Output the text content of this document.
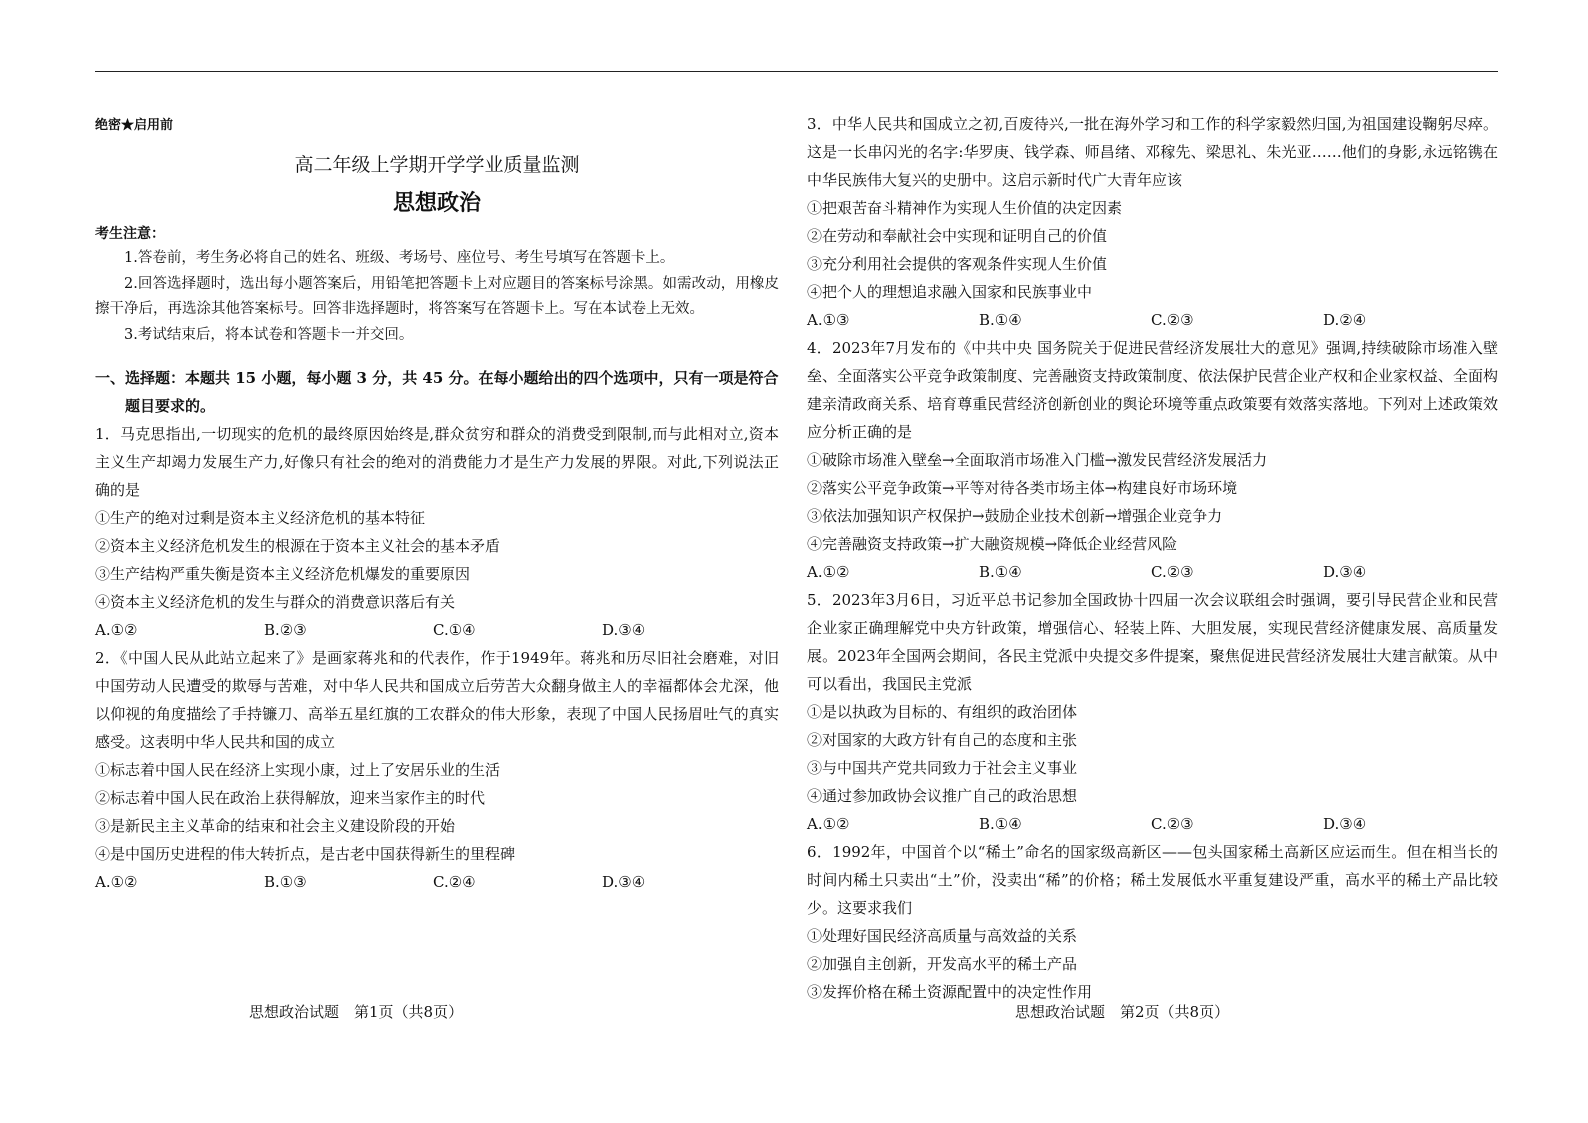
绝密★启用前
高二年级上学期开学学业质量监测
思想政治
考生注意：
1.答卷前，考生务必将自己的姓名、班级、考场号、座位号、考生号填写在答题卡上。
2.回答选择题时，选出每小题答案后，用铅笔把答题卡上对应题目的答案标号涂黑。如需改动，用橡皮擦干净后，再选涂其他答案标号。回答非选择题时，将答案写在答题卡上。写在本试卷上无效。
3.考试结束后，将本试卷和答题卡一并交回。
一、选择题：本题共 15 小题，每小题 3 分，共 45 分。在每小题给出的四个选项中，只有一项是符合题目要求的。
1．马克思指出,一切现实的危机的最终原因始终是,群众贫穷和群众的消费受到限制,而与此相对立,资本主义生产却竭力发展生产力,好像只有社会的绝对的消费能力才是生产力发展的界限。对此,下列说法正确的是
①生产的绝对过剩是资本主义经济危机的基本特征
②资本主义经济危机发生的根源在于资本主义社会的基本矛盾
③生产结构严重失衡是资本主义经济危机爆发的重要原因
④资本主义经济危机的发生与群众的消费意识落后有关
A.①②	B.②③	C.①④	D.③④
2．《中国人民从此站立起来了》是画家蒋兆和的代表作，作于1949年。蒋兆和历尽旧社会磨难，对旧中国劳动人民遭受的欺辱与苦难，对中华人民共和国成立后劳苦大众翻身做主人的幸福都体会尤深，他以仰视的角度描绘了手持镰刀、高举五星红旗的工农群众的伟大形象，表现了中国人民扬眉吐气的真实感受。这表明中华人民共和国的成立
①标志着中国人民在经济上实现小康，过上了安居乐业的生活
②标志着中国人民在政治上获得解放，迎来当家作主的时代
③是新民主主义革命的结束和社会主义建设阶段的开始
④是中国历史进程的伟大转折点，是古老中国获得新生的里程碑
A.①②	B.①③	C.②④	D.③④
3．中华人民共和国成立之初,百废待兴,一批在海外学习和工作的科学家毅然归国,为祖国建设鞠躬尽瘁。这是一长串闪光的名字:华罗庚、钱学森、师昌绪、邓稼先、梁思礼、朱光亚……他们的身影,永远铭镌在中华民族伟大复兴的史册中。这启示新时代广大青年应该
①把艰苦奋斗精神作为实现人生价值的决定因素
②在劳动和奉献社会中实现和证明自己的价值
③充分利用社会提供的客观条件实现人生价值
④把个人的理想追求融入国家和民族事业中
A.①③	B.①④	C.②③	D.②④
4．2023年7月发布的《中共中央 国务院关于促进民营经济发展壮大的意见》强调,持续破除市场准入壁垒、全面落实公平竞争政策制度、完善融资支持政策制度、依法保护民营企业产权和企业家权益、全面构建亲清政商关系、培育尊重民营经济创新创业的舆论环境等重点政策要有效落实落地。下列对上述政策效应分析正确的是
①破除市场准入壁垒→全面取消市场准入门槛→激发民营经济发展活力
②落实公平竞争政策→平等对待各类市场主体→构建良好市场环境
③依法加强知识产权保护→鼓励企业技术创新→增强企业竞争力
④完善融资支持政策→扩大融资规模→降低企业经营风险
A.①②	B.①④	C.②③	D.③④
5．2023年3月6日，习近平总书记参加全国政协十四届一次会议联组会时强调，要引导民营企业和民营企业家正确理解党中央方针政策，增强信心、轻装上阵、大胆发展，实现民营经济健康发展、高质量发展。2023年全国两会期间，各民主党派中央提交多件提案，聚焦促进民营经济发展壮大建言献策。从中可以看出，我国民主党派
①是以执政为目标的、有组织的政治团体
②对国家的大政方针有自己的态度和主张
③与中国共产党共同致力于社会主义事业
④通过参加政协会议推广自己的政治思想
A.①②	B.①④	C.②③	D.③④
6．1992年，中国首个以“稀土”命名的国家级高新区——包头国家稀土高新区应运而生。但在相当长的时间内稀土只卖出“土”价，没卖出“稀”的价格；稀土发展低水平重复建设严重，高水平的稀土产品比较少。这要求我们
①处理好国民经济高质量与高效益的关系
②加强自主创新，开发高水平的稀土产品
③发挥价格在稀土资源配置中的决定性作用
思想政治试题　第1页（共8页）	思想政治试题　第2页（共8页）
